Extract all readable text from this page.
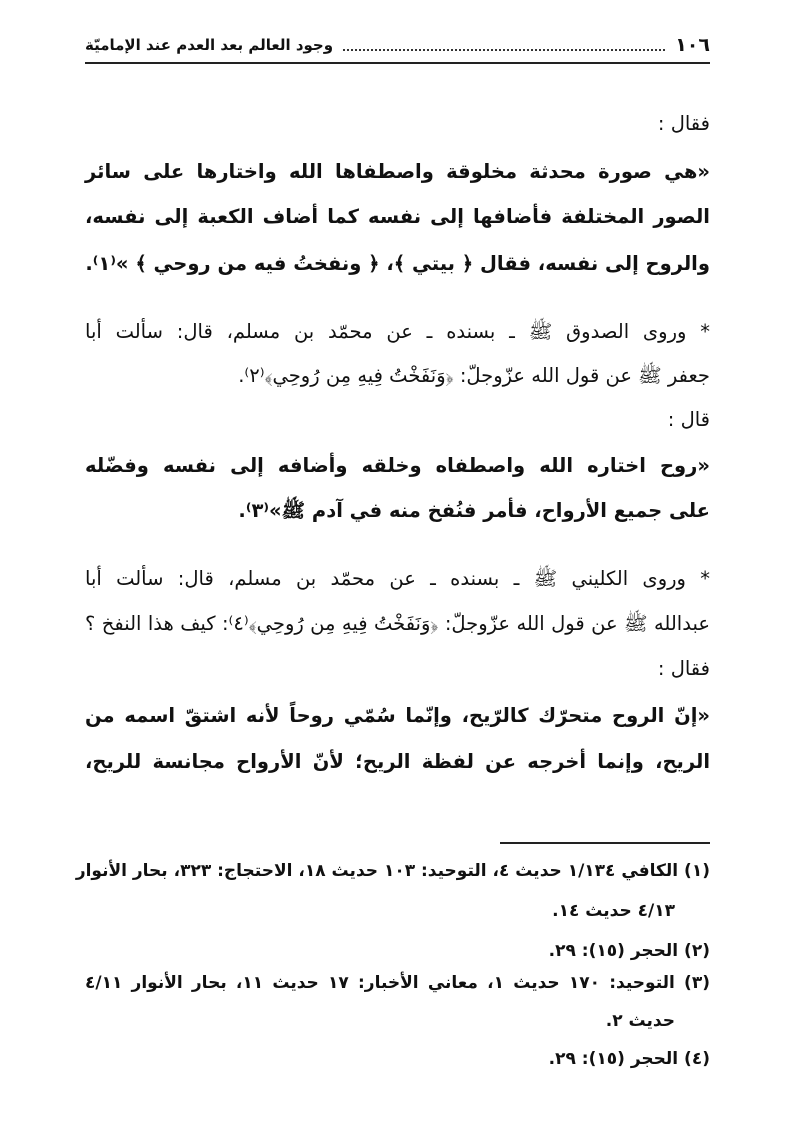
١٠٦
وجود العالم بعد العدم عند الإماميّة
فقال :
«هي صورة محدثة مخلوقة واصطفاها الله واختارها على سائر
الصور المختلفة فأضافها إلى نفسه كما أضاف الكعبة إلى نفسه،
والروح إلى نفسه، فقال ﴿ بيتي ﴾، ﴿ ونفختُ فيه من روحي ﴾ »⁽١⁾.
* وروى الصدوق ﷺ ـ بسنده ـ عن محمّد بن مسلم، قال: سألت أبا
جعفر ﷺ عن قول الله عزّوجلّ: ﴿وَنَفَخْتُ فِيهِ مِن رُوحِي﴾⁽٢⁾.
قال :
«روح اختاره الله واصطفاه وخلقه وأضافه إلى نفسه وفضّله
على جميع الأرواح، فأمر فنُفخ منه في آدم ﷺ»⁽٣⁾.
* وروى الكليني ﷺ ـ بسنده ـ عن محمّد بن مسلم، قال: سألت أبا
عبدالله ﷺ عن قول الله عزّوجلّ: ﴿وَنَفَخْتُ فِيهِ مِن رُوحِي﴾⁽٤⁾: كيف هذا النفخ ؟
فقال :
«إنّ الروح متحرّك كالرّيح، وإنّما سُمّي روحاً لأنه اشتقّ اسمه من
الريح، وإنما أخرجه عن لفظة الريح؛ لأنّ الأرواح مجانسة للريح،
(١) الكافي ١/١٣٤ حديث ٤، التوحيد: ١٠٣ حديث ١٨، الاحتجاج: ٣٢٣، بحار الأنوار
٤/١٣ حديث ١٤.
(٢) الحجر (١٥): ٢٩.
(٣) التوحيد: ١٧٠ حديث ١، معاني الأخبار: ١٧ حديث ١١، بحار الأنوار ٤/١١
حديث ٢.
(٤) الحجر (١٥): ٢٩.
